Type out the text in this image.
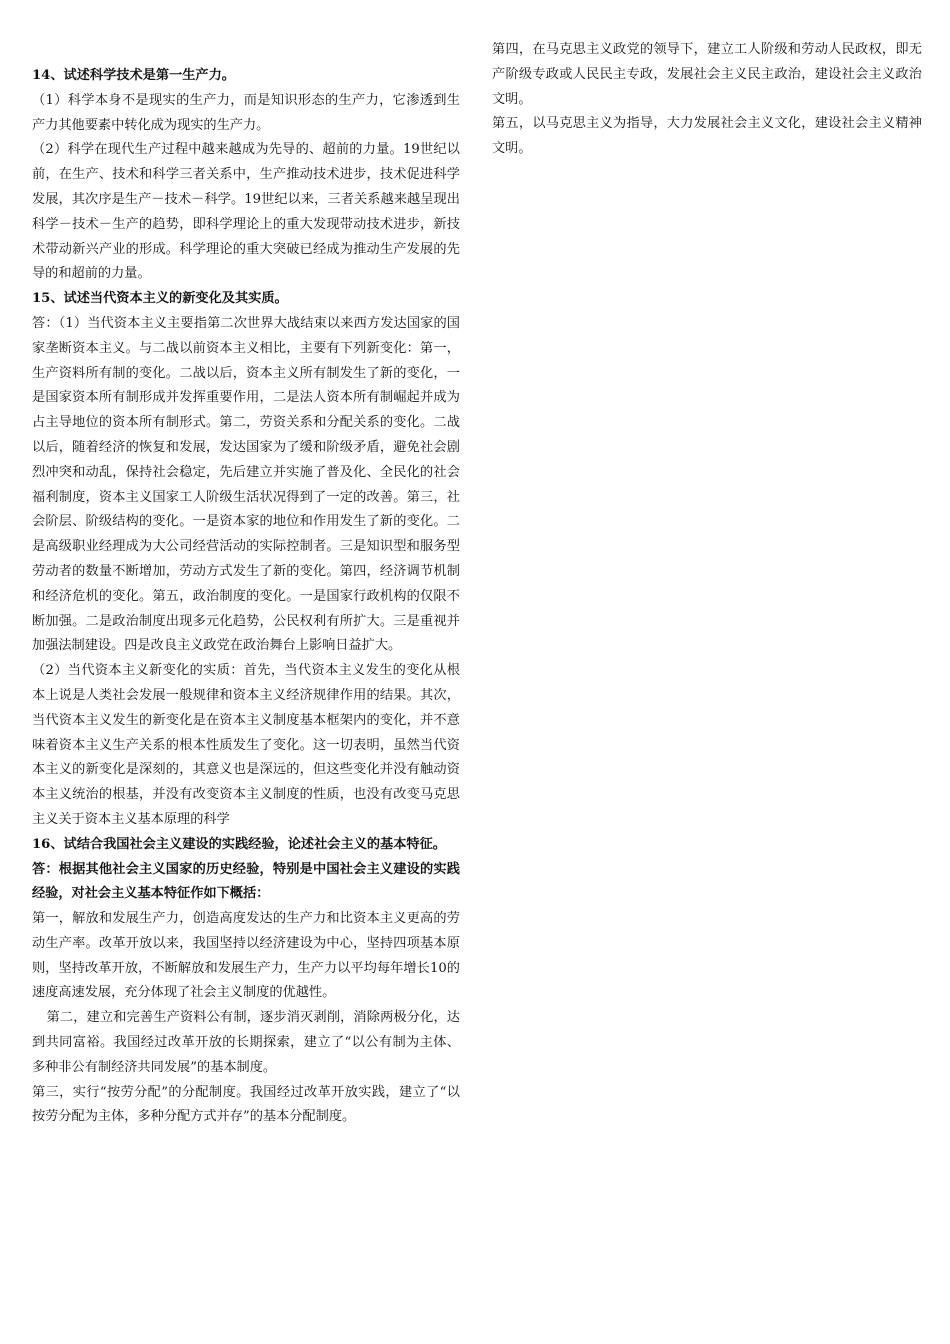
14、试述科学技术是第一生产力。

（1）科学本身不是现实的生产力，而是知识形态的生产力，它渗透到生产力其他要素中转化成为现实的生产力。

（2）科学在现代生产过程中越来越成为先导的、超前的力量。19世纪以前，在生产、技术和科学三者关系中，生产推动技术进步，技术促进科学发展，其次序是生产－技术－科学。19世纪以来，三者关系越来越呈现出科学－技术－生产的趋势，即科学理论上的重大发现带动技术进步，新技术带动新兴产业的形成。科学理论的重大突破已经成为推动生产发展的先导的和超前的力量。

15、试述当代资本主义的新变化及其实质。

答：（1）当代资本主义主要指第二次世界大战结束以来西方发达国家的国家垄断资本主义。与二战以前资本主义相比，主要有下列新变化：第一，生产资料所有制的变化。二战以后，资本主义所有制发生了新的变化，一是国家资本所有制形成并发挥重要作用，二是法人资本所有制崛起并成为占主导地位的资本所有制形式。第二，劳资关系和分配关系的变化。二战以后，随着经济的恢复和发展，发达国家为了缓和阶级矛盾，避免社会剧烈冲突和动乱，保持社会稳定，先后建立并实施了普及化、全民化的社会福利制度，资本主义国家工人阶级生活状况得到了一定的改善。第三，社会阶层、阶级结构的变化。一是资本家的地位和作用发生了新的变化。二是高级职业经理成为大公司经营活动的实际控制者。三是知识型和服务型劳动者的数量不断增加，劳动方式发生了新的变化。第四，经济调节机制和经济危机的变化。第五，政治制度的变化。一是国家行政机构的仅限不断加强。二是政治制度出现多元化趋势，公民权利有所扩大。三是重视并加强法制建设。四是改良主义政党在政治舞台上影响日益扩大。

（2）当代资本主义新变化的实质：首先，当代资本主义发生的变化从根本上说是人类社会发展一般规律和资本主义经济规律作用的结果。其次，当代资本主义发生的新变化是在资本主义制度基本框架内的变化，并不意味着资本主义生产关系的根本性质发生了变化。这一切表明，虽然当代资本主义的新变化是深刻的，其意义也是深远的，但这些变化并没有触动资本主义统治的根基，并没有改变资本主义制度的性质，也没有改变马克思主义关于资本主义基本原理的科学

16、试结合我国社会主义建设的实践经验，论述社会主义的基本特征。

答：根据其他社会主义国家的历史经验，特别是中国社会主义建设的实践经验，对社会主义基本特征作如下概括：

第一，解放和发展生产力，创造高度发达的生产力和比资本主义更高的劳动生产率。改革开放以来，我国坚持以经济建设为中心，坚持四项基本原则，坚持改革开放，不断解放和发展生产力，生产力以平均每年增长10的速度高速发展，充分体现了社会主义制度的优越性。

第二，建立和完善生产资料公有制，逐步消灭剥削，消除两极分化，达到共同富裕。我国经过改革开放的长期探索，建立了“以公有制为主体、多种非公有制经济共同发展”的基本制度。

第三，实行“按劳分配”的分配制度。我国经过改革开放实践，建立了“以按劳分配为主体，多种分配方式并存”的基本分配制度。

第四，在马克思主义政党的领导下，建立工人阶级和劳动人民政权，即无产阶级专政或人民民主专政，发展社会主义民主政治，建设社会主义政治文明。

第五，以马克思主义为指导，大力发展社会主义文化，建设社会主义精神文明。
